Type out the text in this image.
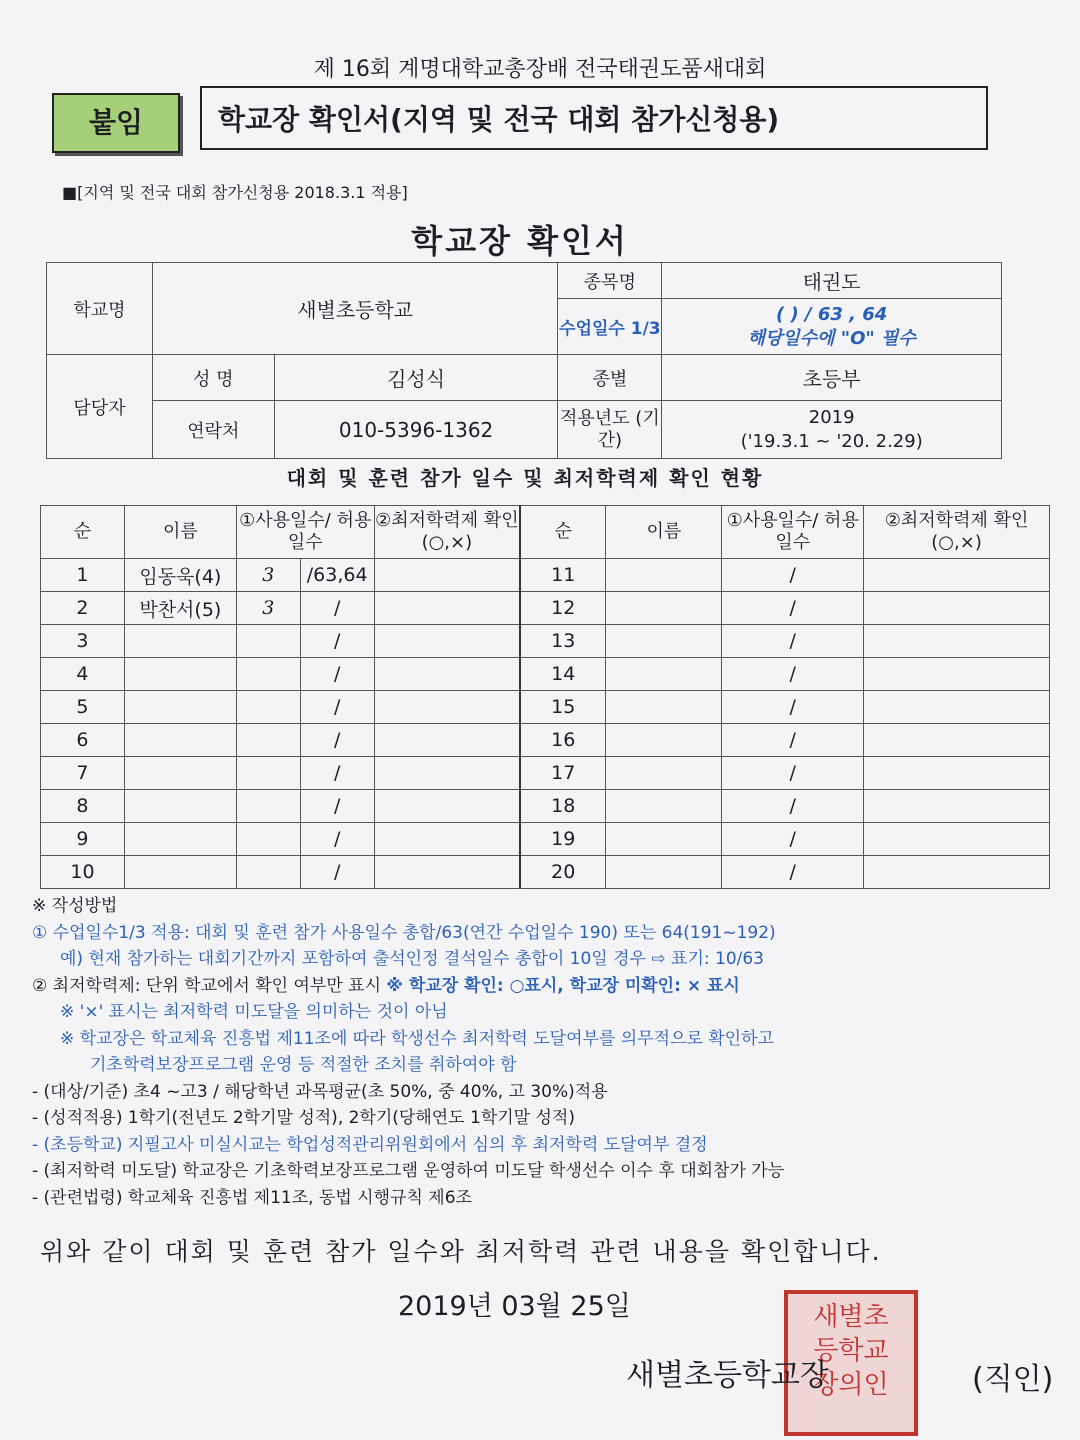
제 16회 계명대학교총장배 전국태권도품새대회
붙임	학교장 확인서(지역 및 전국 대회 참가신청용)
■[지역 및 전국 대회 참가신청용 2018.3.1 적용]
학교장 확인서
학교명	새별초등학교		종목명	태권도
			수업일수 1/3	( ) / 63 , 64
해당일수에 "O" 필수

담당자	성 명	김성식	종별	초등부
	연락처	010-5396-1362	적용년도 (기간)	2019
('19.3.1 ~ '20. 2.29)
대회 및 훈련 참가 일수 및 최저학력제 확인 현황
순	이름	①사용일수/ 허용일수		②최저학력제 확인(○,×)	순	이름	①사용일수/ 허용일수	②최저학력제 확인(○,×)
1	임동욱(4)	3	/63,64		11		/	
2	박찬서(5)	3	/		12		/	
3			/		13		/	
4			/		14		/	
5			/		15		/	
6			/		16		/	
7			/		17		/	
8			/		18		/	
9			/		19		/	
10			/		20		/	
※ 작성방법
① 수업일수1/3 적용: 대회 및 훈련 참가 사용일수 총합/63(연간 수업일수 190) 또는 64(191~192)
예) 현재 참가하는 대회기간까지 포함하여 출석인정 결석일수 총합이 10일 경우 ⇨ 표기: 10/63
② 최저학력제: 단위 학교에서 확인 여부만 표시 ※ 학교장 확인: ○표시, 학교장 미확인: × 표시
※ '×' 표시는 최저학력 미도달을 의미하는 것이 아님
※ 학교장은 학교체육 진흥법 제11조에 따라 학생선수 최저학력 도달여부를 의무적으로 확인하고
기초학력보장프로그램 운영 등 적절한 조치를 취하여야 함
- (대상/기준) 초4 ~고3 / 해당학년 과목평균(초 50%, 중 40%, 고 30%)적용
- (성적적용) 1학기(전년도 2학기말 성적), 2학기(당해연도 1학기말 성적)
- (초등학교) 지필고사 미실시교는 학업성적관리위원회에서 심의 후 최저학력 도달여부 결정
- (최저학력 미도달) 학교장은 기초학력보장프로그램 운영하여 미도달 학생선수 이수 후 대회참가 가능
- (관련법령) 학교체육 진흥법 제11조, 동법 시행규칙 제6조
위와 같이 대회 및 훈련 참가 일수와 최저학력 관련 내용을 확인합니다.
2019년 03월 25일	새별초
등학교
장의인
새별초등학교장	(직인)
